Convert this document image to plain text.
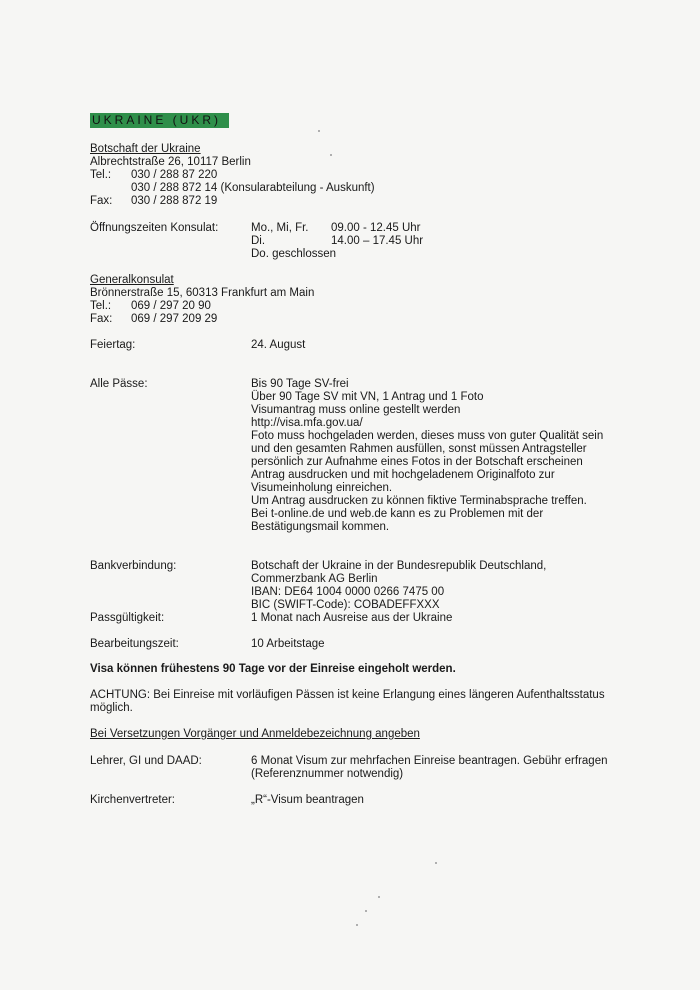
UKRAINE (UKR)
Botschaft der Ukraine
Albrechtstraße 26, 10117 Berlin
Tel.: 030 / 288 87 220
030 / 288 872 14 (Konsularabteilung - Auskunft)
Fax: 030 / 288 872 19
Öffnungszeiten Konsulat:	Mo., Mi, Fr. 09.00 - 12.45 Uhr
Di.	14.00 – 17.45 Uhr
Do. geschlossen
Generalkonsulat
Brönnerstraße 15, 60313 Frankfurt am Main
Tel.: 069 / 297 20 90
Fax: 069 / 297 209 29
Feiertag:	24. August
Alle Pässe:	Bis 90 Tage SV-frei
Über 90 Tage SV mit VN, 1 Antrag und 1 Foto
Visumantrag muss online gestellt werden
http://visa.mfa.gov.ua/
Foto muss hochgeladen werden, dieses muss von guter Qualität sein
und den gesamten Rahmen ausfüllen, sonst müssen Antragsteller
persönlich zur Aufnahme eines Fotos in der Botschaft erscheinen
Antrag ausdrucken und mit hochgeladenem Originalfoto zur
Visumeinholung einreichen.
Um Antrag ausdrucken zu können fiktive Terminabsprache treffen.
Bei t-online.de und web.de kann es zu Problemen mit der
Bestätigungsmail kommen.
Bankverbindung:	Botschaft der Ukraine in der Bundesrepublik Deutschland,
Commerzbank AG Berlin
IBAN: DE64 1004 0000 0266 7475 00
BIC (SWIFT-Code): COBADEFFXXX
Passgültigkeit:	1 Monat nach Ausreise aus der Ukraine
Bearbeitungszeit:	10 Arbeitstage
Visa können frühestens 90 Tage vor der Einreise eingeholt werden.
ACHTUNG: Bei Einreise mit vorläufigen Pässen ist keine Erlangung eines längeren Aufenthaltsstatus
möglich.
Bei Versetzungen Vorgänger und Anmeldebezeichnung angeben
Lehrer, GI und DAAD:	6 Monat Visum zur mehrfachen Einreise beantragen. Gebühr erfragen
(Referenznummer notwendig)
Kirchenvertreter:	„R“-Visum beantragen
